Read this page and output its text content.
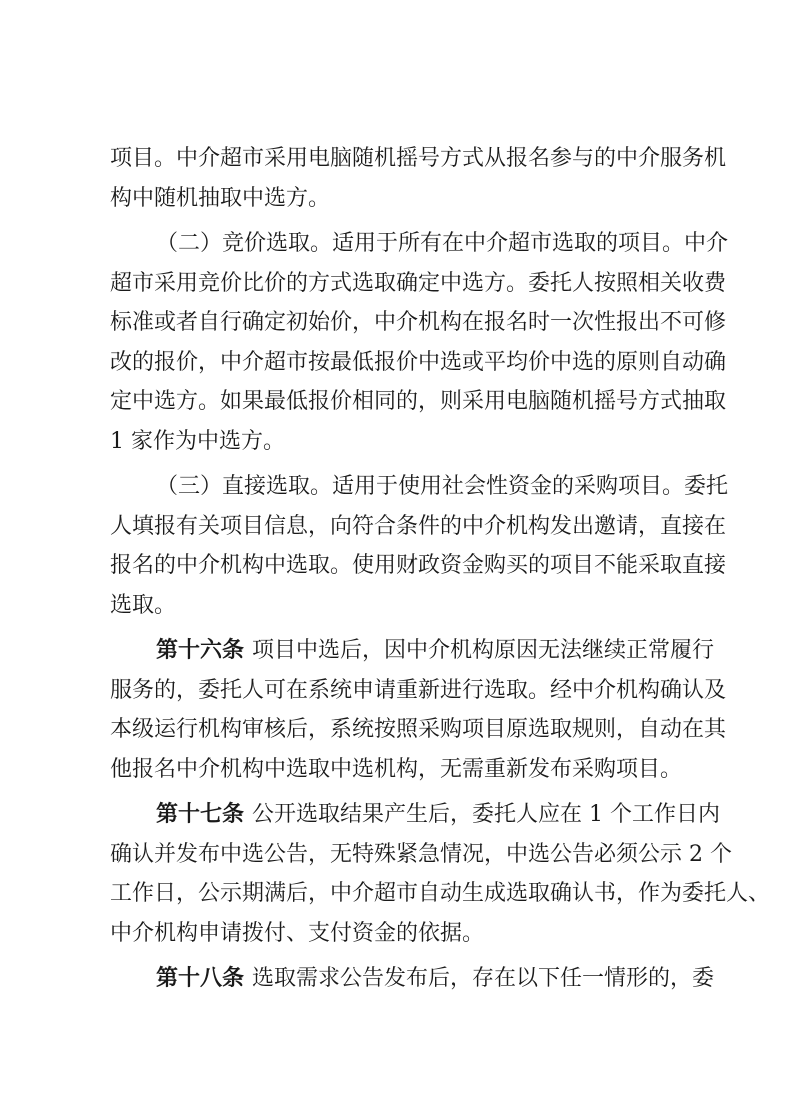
项目。中介超市采用电脑随机摇号方式从报名参与的中介服务机
构中随机抽取中选方。
（二）竞价选取。适用于所有在中介超市选取的项目。中介
超市采用竞价比价的方式选取确定中选方。委托人按照相关收费
标准或者自行确定初始价，中介机构在报名时一次性报出不可修
改的报价，中介超市按最低报价中选或平均价中选的原则自动确
定中选方。如果最低报价相同的，则采用电脑随机摇号方式抽取
1 家作为中选方。
（三）直接选取。适用于使用社会性资金的采购项目。委托
人填报有关项目信息，向符合条件的中介机构发出邀请，直接在
报名的中介机构中选取。使用财政资金购买的项目不能采取直接
选取。
第十六条 项目中选后，因中介机构原因无法继续正常履行
服务的，委托人可在系统申请重新进行选取。经中介机构确认及
本级运行机构审核后，系统按照采购项目原选取规则，自动在其
他报名中介机构中选取中选机构，无需重新发布采购项目。
第十七条 公开选取结果产生后，委托人应在 1 个工作日内
确认并发布中选公告，无特殊紧急情况，中选公告必须公示 2 个
工作日，公示期满后，中介超市自动生成选取确认书，作为委托人、
中介机构申请拨付、支付资金的依据。
第十八条 选取需求公告发布后，存在以下任一情形的，委
